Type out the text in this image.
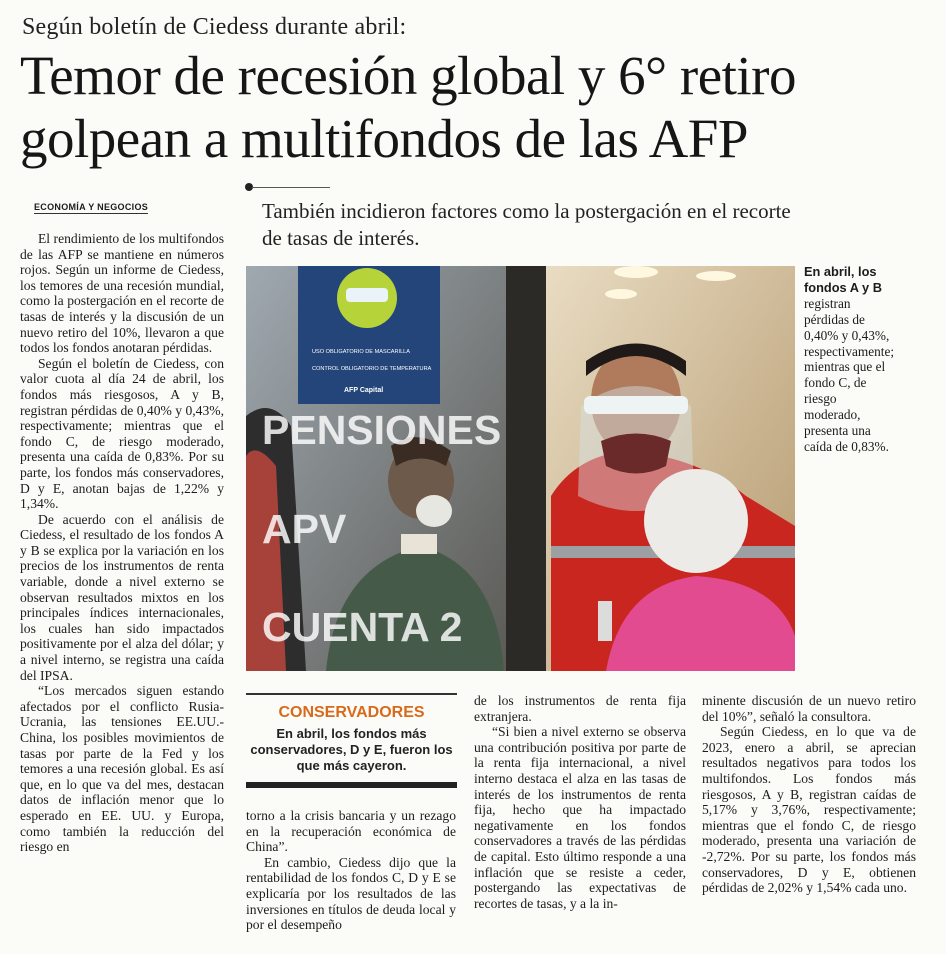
Según boletín de Ciedess durante abril:
Temor de recesión global y 6° retiro
golpean a multifondos de las AFP
También incidieron factores como la postergación en el recorte de tasas de interés.
ECONOMÍA Y NEGOCIOS

El rendimiento de los multifondos de las AFP se mantiene en números rojos. Según un informe de Ciedess, los temores de una recesión mundial, como la postergación en el recorte de tasas de interés y la discusión de un nuevo retiro del 10%, llevaron a que todos los fondos anotaran pérdidas.

Según el boletín de Ciedess, con valor cuota al día 24 de abril, los fondos más riesgosos, A y B, registran pérdidas de 0,40% y 0,43%, respectivamente; mientras que el fondo C, de riesgo moderado, presenta una caída de 0,83%. Por su parte, los fondos más conservadores, D y E, anotan bajas de 1,22% y 1,34%.

De acuerdo con el análisis de Ciedess, el resultado de los fondos A y B se explica por la variación en los precios de los instrumentos de renta variable, donde a nivel externo se observan resultados mixtos en los principales índices internacionales, los cuales han sido impactados positivamente por el alza del dólar; y a nivel interno, se registra una caída del IPSA.

“Los mercados siguen estando afectados por el conflicto Rusia-Ucrania, las tensiones EE.UU.-China, los posibles movimientos de tasas por parte de la Fed y los temores a una recesión global. Es así que, en lo que va del mes, destacan datos de inflación menor que lo esperado en EE. UU. y Europa, como también la reducción del riesgo en

USO OBLIGATORIO DE MASCARILLA
CONTROL OBLIGATORIO DE TEMPERATURA
AFP Capital
PENSIONES
APV
CUENTA 2
En abril, los fondos A y B registran pérdidas de 0,40% y 0,43%, respectivamente; mientras que el fondo C, de riesgo moderado, presenta una caída de 0,83%.
CONSERVADORES
En abril, los fondos más conservadores, D y E, fueron los que más cayeron.

torno a la crisis bancaria y un rezago en la recuperación económica de China”.

En cambio, Ciedess dijo que la rentabilidad de los fondos C, D y E se explicaría por los resultados de las inversiones en títulos de deuda local y por el desempeño

de los instrumentos de renta fija extranjera.

“Si bien a nivel externo se observa una contribución positiva por parte de la renta fija internacional, a nivel interno destaca el alza en las tasas de interés de los instrumentos de renta fija, hecho que ha impactado negativamente en los fondos conservadores a través de las pérdidas de capital. Esto último responde a una inflación que se resiste a ceder, postergando las expectativas de recortes de tasas, y a la in-

minente discusión de un nuevo retiro del 10%”, señaló la consultora.

Según Ciedess, en lo que va de 2023, enero a abril, se aprecian resultados negativos para todos los multifondos. Los fondos más riesgosos, A y B, registran caídas de 5,17% y 3,76%, respectivamente; mientras que el fondo C, de riesgo moderado, presenta una variación de -2,72%. Por su parte, los fondos más conservadores, D y E, obtienen pérdidas de 2,02% y 1,54% cada uno.
